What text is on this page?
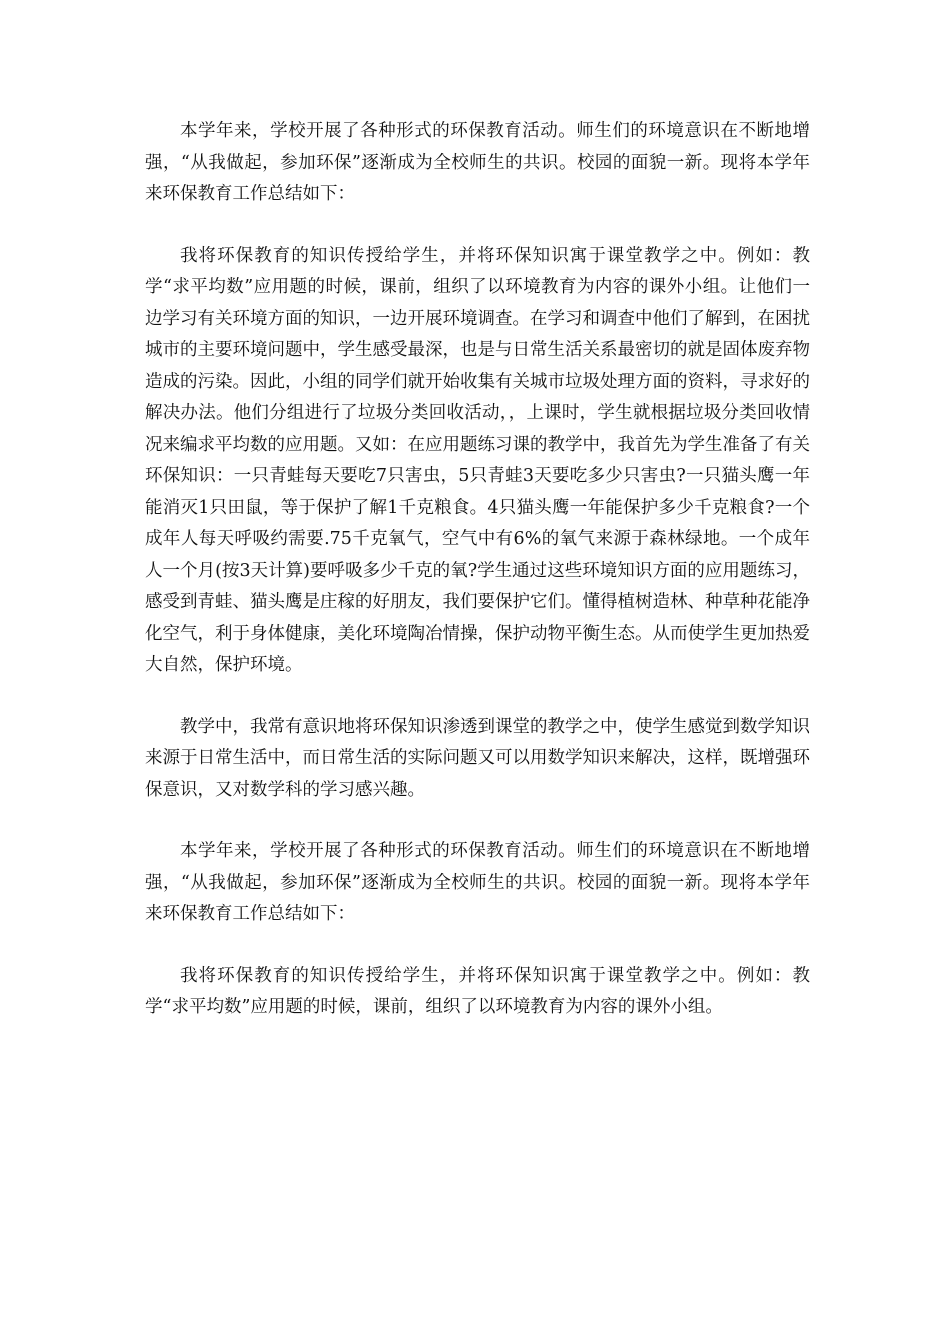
本学年来，学校开展了各种形式的环保教育活动。师生们的环境意识在不断地增强，“从我做起，参加环保”逐渐成为全校师生的共识。校园的面貌一新。现将本学年来环保教育工作总结如下：

我将环保教育的知识传授给学生，并将环保知识寓于课堂教学之中。例如：教学“求平均数”应用题的时候，课前，组织了以环境教育为内容的课外小组。让他们一边学习有关环境方面的知识，一边开展环境调查。在学习和调查中他们了解到，在困扰城市的主要环境问题中，学生感受最深，也是与日常生活关系最密切的就是固体废弃物造成的污染。因此，小组的同学们就开始收集有关城市垃圾处理方面的资料，寻求好的解决办法。他们分组进行了垃圾分类回收活动，，上课时，学生就根据垃圾分类回收情况来编求平均数的应用题。又如：在应用题练习课的教学中，我首先为学生准备了有关环保知识：一只青蛙每天要吃7只害虫，5只青蛙3天要吃多少只害虫?一只猫头鹰一年能消灭1只田鼠，等于保护了解1千克粮食。4只猫头鹰一年能保护多少千克粮食?一个成年人每天呼吸约需要.75千克氧气，空气中有6%的氧气来源于森林绿地。一个成年人一个月(按3天计算)要呼吸多少千克的氧?学生通过这些环境知识方面的应用题练习，感受到青蛙、猫头鹰是庄稼的好朋友，我们要保护它们。懂得植树造林、种草种花能净化空气，利于身体健康，美化环境陶冶情操，保护动物平衡生态。从而使学生更加热爱大自然，保护环境。

教学中，我常有意识地将环保知识渗透到课堂的教学之中，使学生感觉到数学知识来源于日常生活中，而日常生活的实际问题又可以用数学知识来解决，这样，既增强环保意识，又对数学科的学习感兴趣。

本学年来，学校开展了各种形式的环保教育活动。师生们的环境意识在不断地增强，“从我做起，参加环保”逐渐成为全校师生的共识。校园的面貌一新。现将本学年来环保教育工作总结如下：

我将环保教育的知识传授给学生，并将环保知识寓于课堂教学之中。例如：教学“求平均数”应用题的时候，课前，组织了以环境教育为内容的课外小组。
